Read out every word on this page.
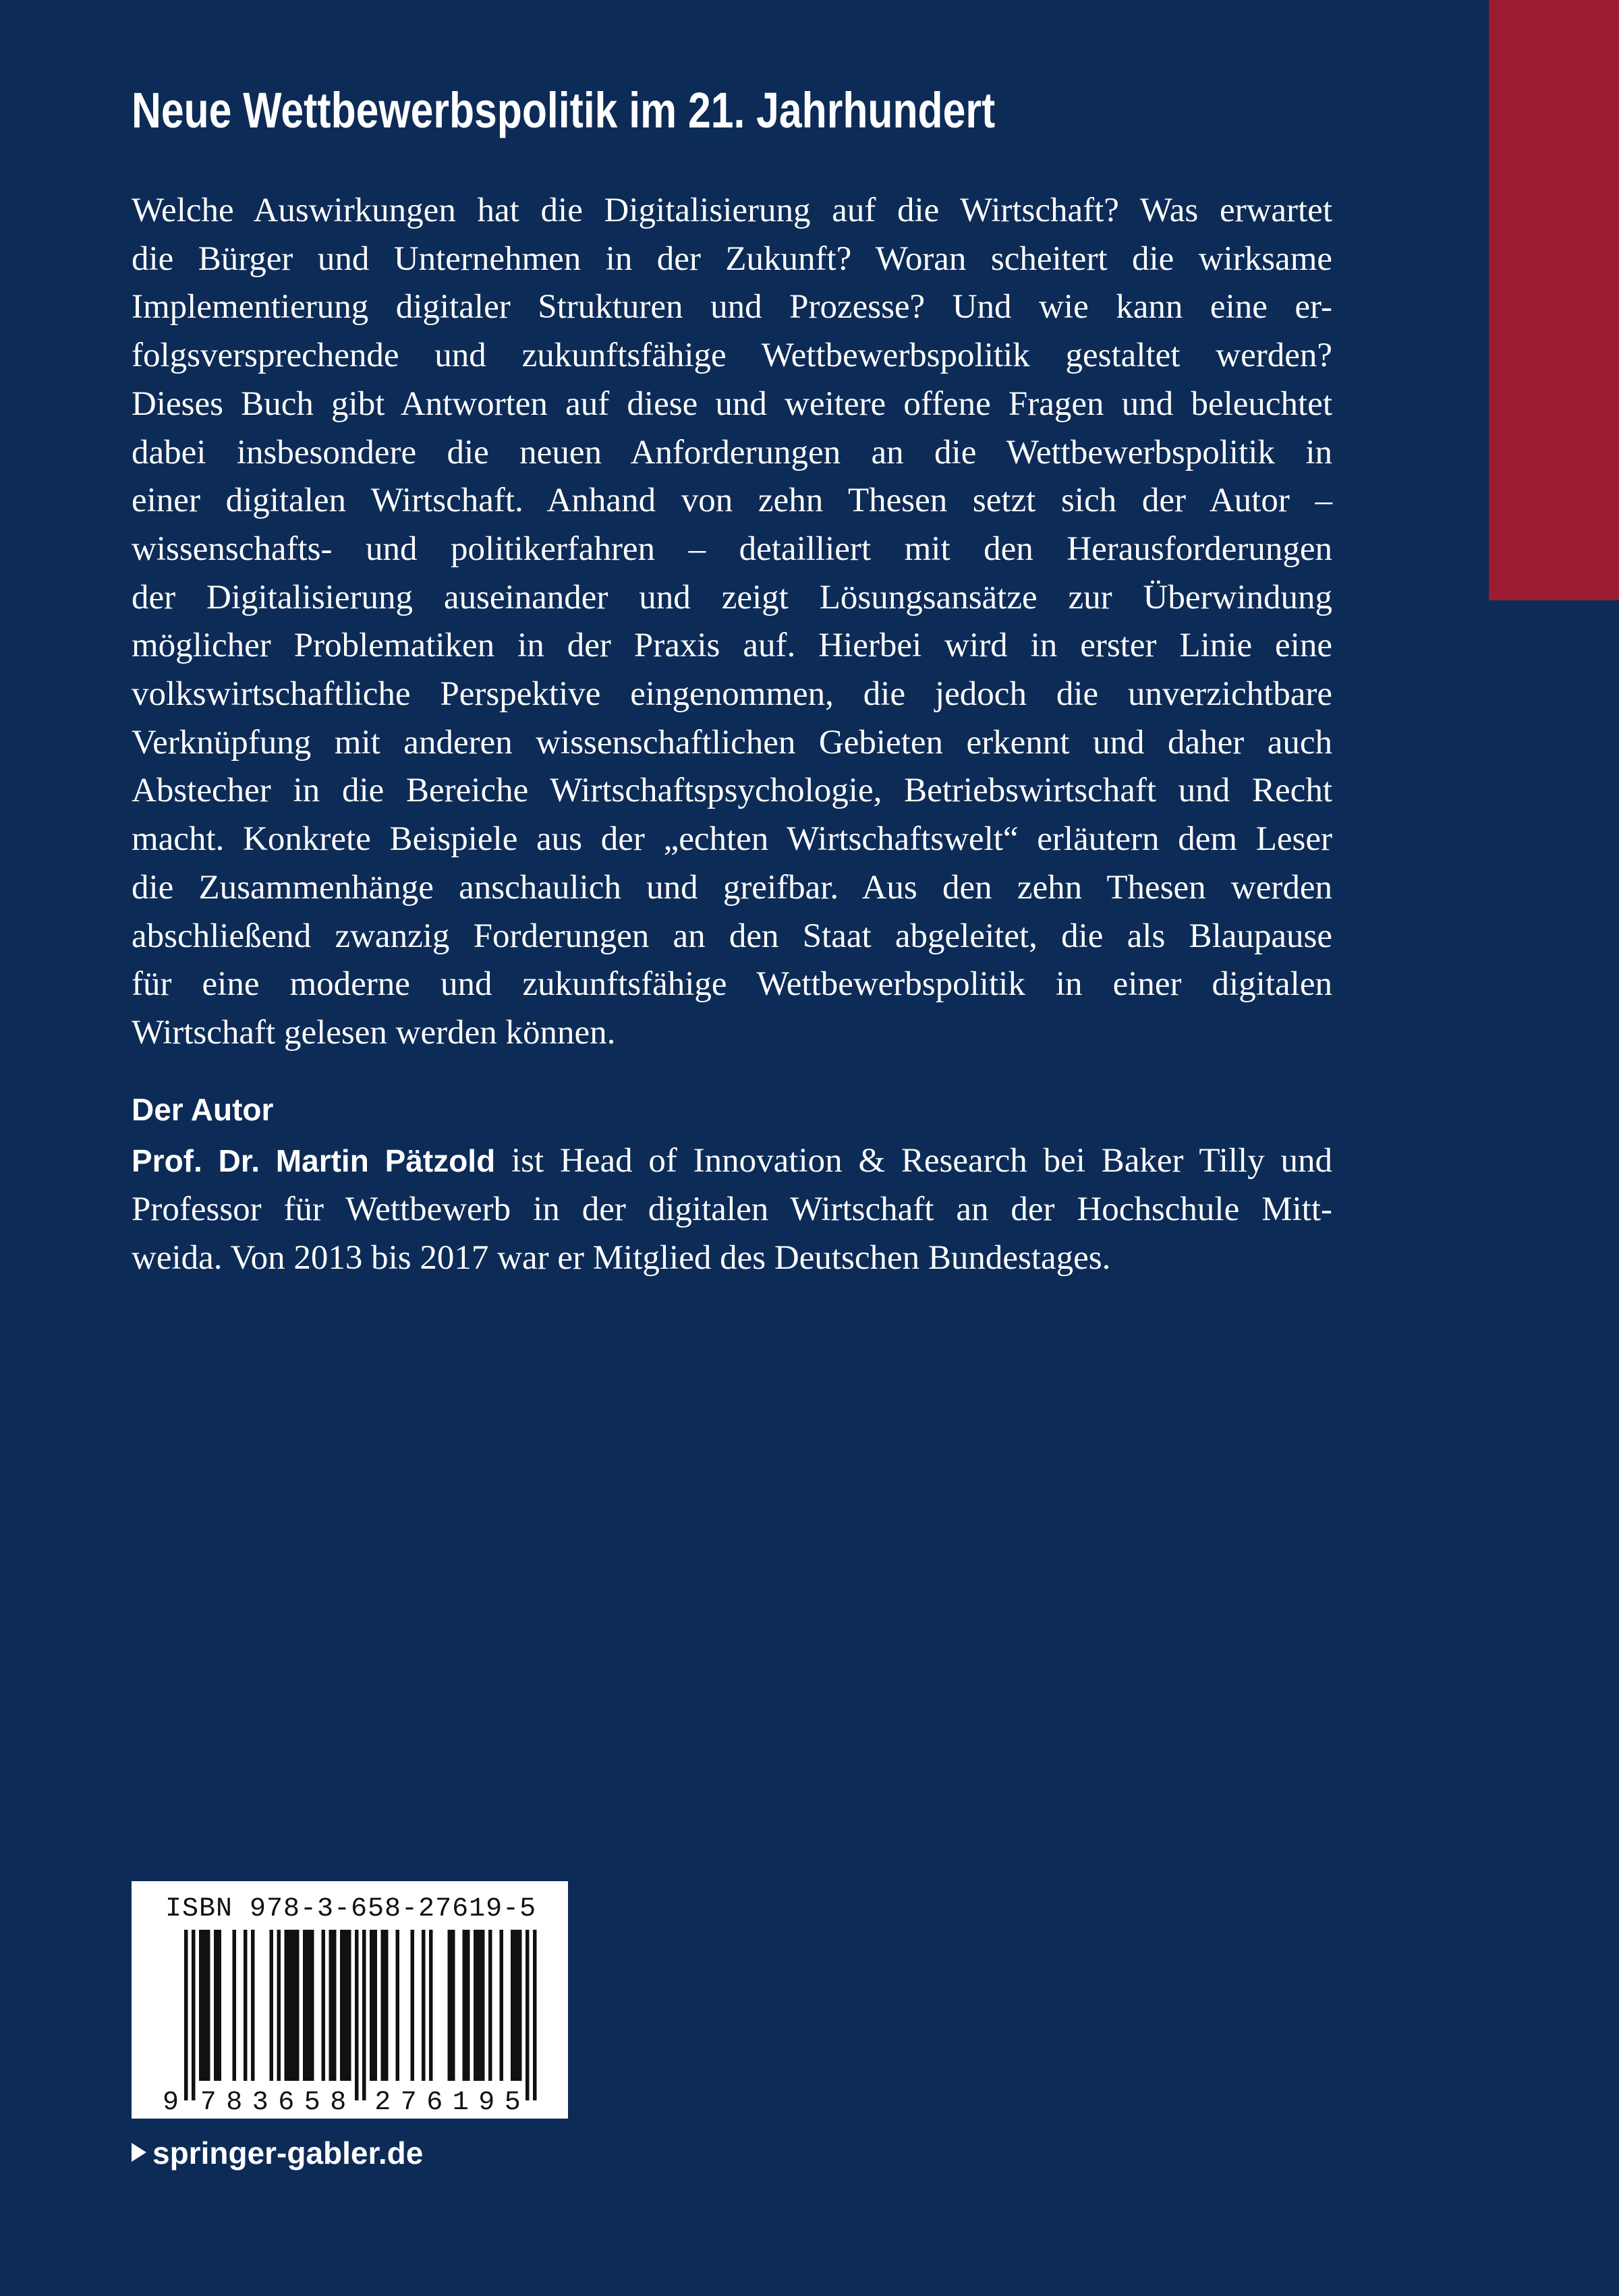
Neue Wettbewerbspolitik im 21. Jahrhundert
Welche Auswirkungen hat die Digitalisierung auf die Wirtschaft? Was erwartet
die Bürger und Unternehmen in der Zukunft? Woran scheitert die wirksame
Implementierung digitaler Strukturen und Prozesse? Und wie kann eine er-
folgsversprechende und zukunftsfähige Wettbewerbspolitik gestaltet werden?
Dieses Buch gibt Antworten auf diese und weitere offene Fragen und beleuchtet
dabei insbesondere die neuen Anforderungen an die Wettbewerbspolitik in
einer digitalen Wirtschaft. Anhand von zehn Thesen setzt sich der Autor –
wissenschafts- und politikerfahren – detailliert mit den Herausforderungen
der Digitalisierung auseinander und zeigt Lösungsansätze zur Überwindung
möglicher Problematiken in der Praxis auf. Hierbei wird in erster Linie eine
volkswirtschaftliche Perspektive eingenommen, die jedoch die unverzichtbare
Verknüpfung mit anderen wissenschaftlichen Gebieten erkennt und daher auch
Abstecher in die Bereiche Wirtschaftspsychologie, Betriebswirtschaft und Recht
macht. Konkrete Beispiele aus der „echten Wirtschaftswelt“ erläutern dem Leser
die Zusammenhänge anschaulich und greifbar. Aus den zehn Thesen werden
abschließend zwanzig Forderungen an den Staat abgeleitet, die als Blaupause
für eine moderne und zukunftsfähige Wettbewerbspolitik in einer digitalen
Wirtschaft gelesen werden können.
Der Autor
Prof. Dr. Martin Pätzold ist Head of Innovation & Research bei Baker Tilly und
Professor für Wettbewerb in der digitalen Wirtschaft an der Hochschule Mitt-
weida. Von 2013 bis 2017 war er Mitglied des Deutschen Bundestages.
ISBN 978-3-658-27619-5
9 7 8 3 6 5 8 2 7 6 1 9 5
springer-gabler.de
